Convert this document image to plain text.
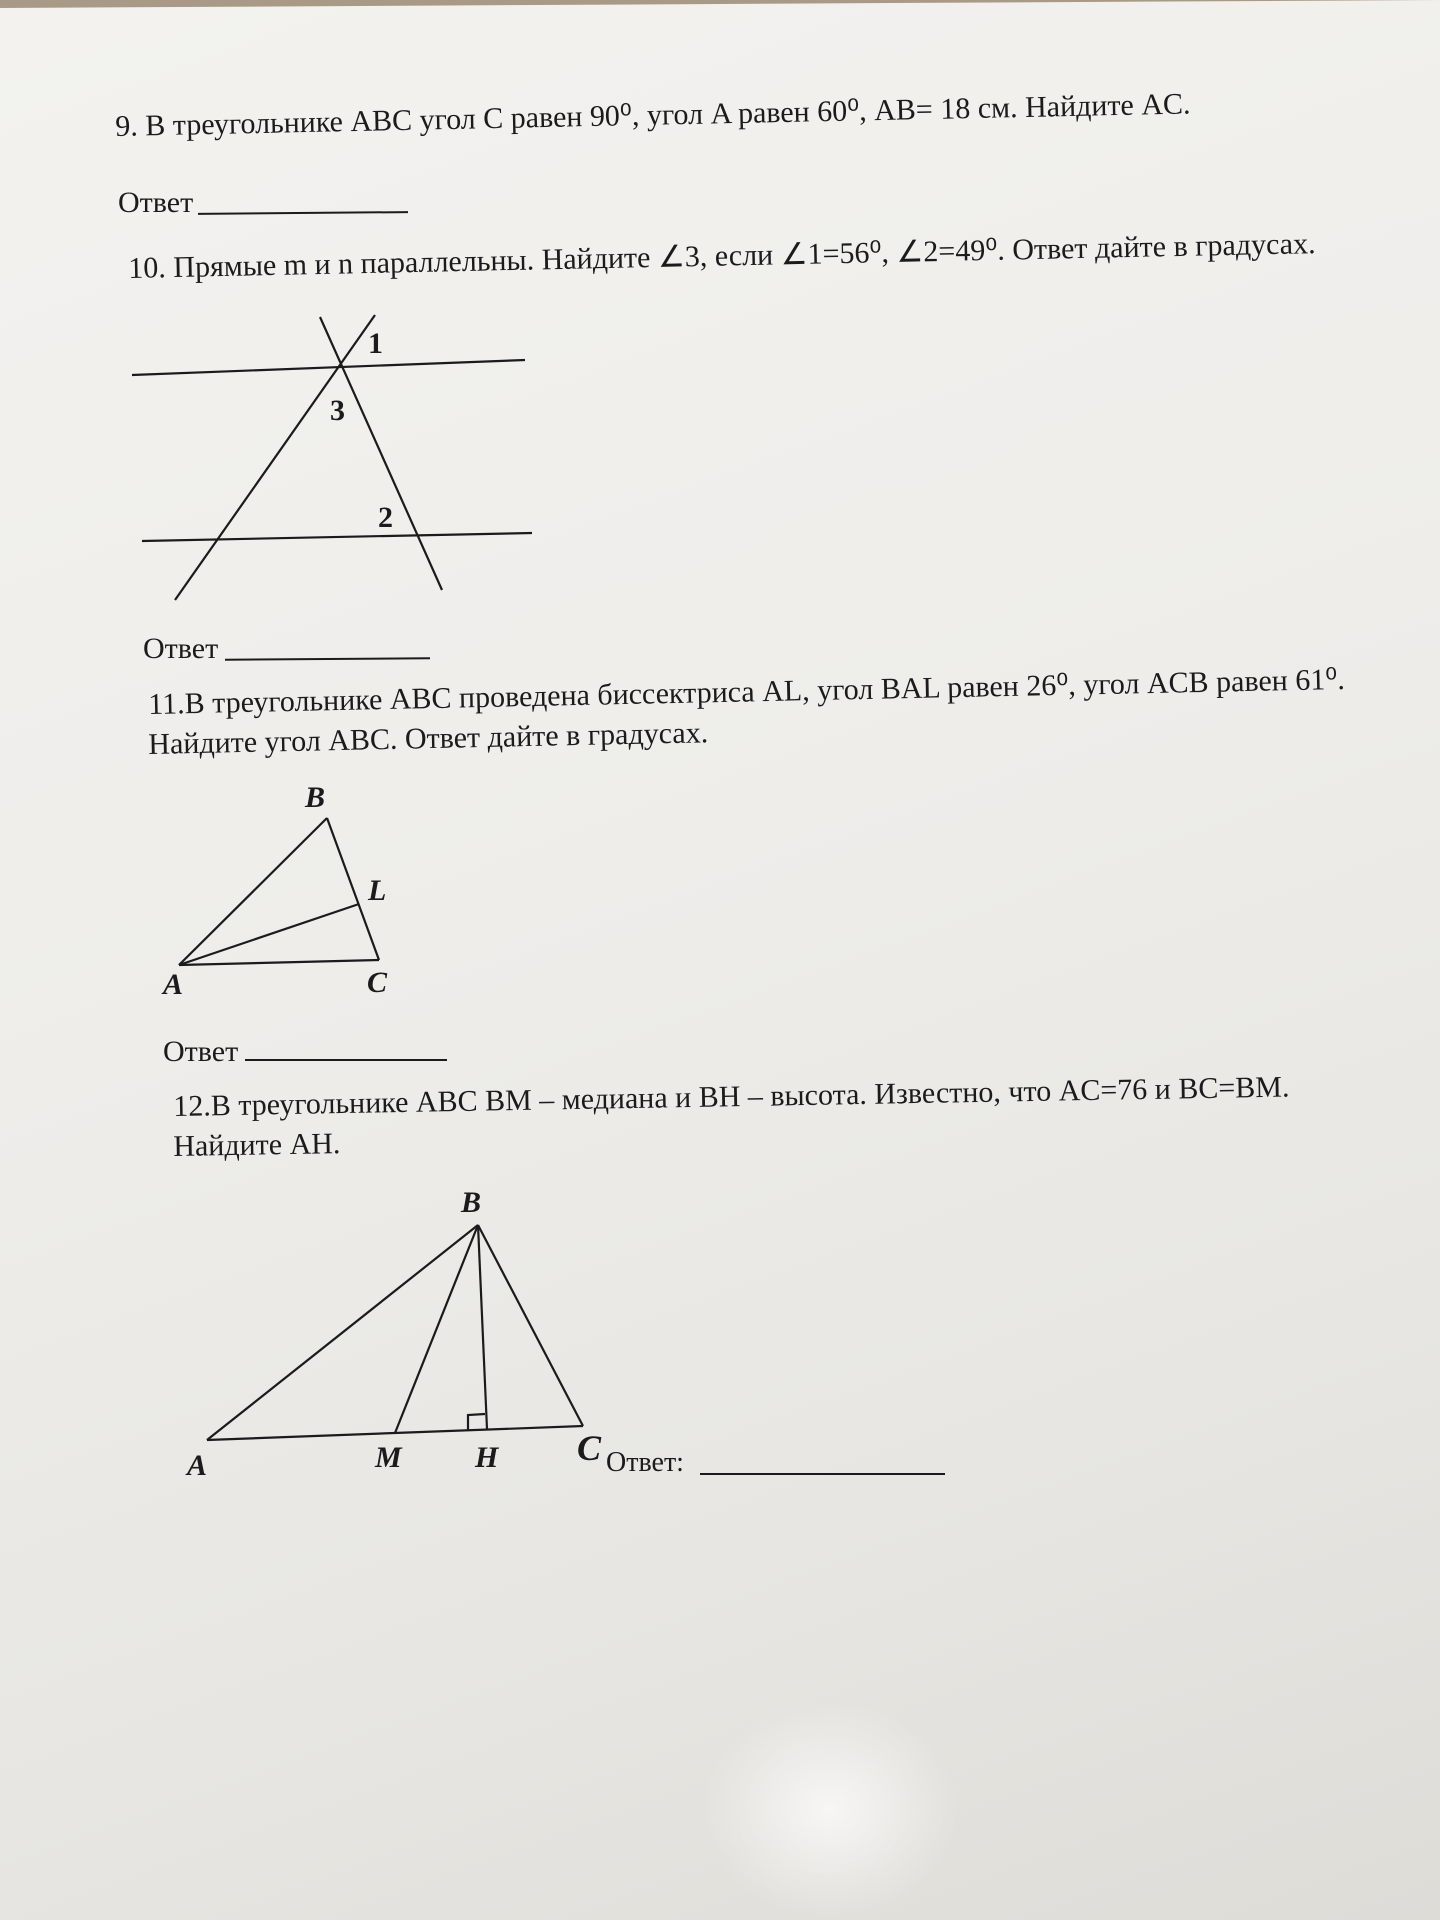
9. В треугольнике ABC угол C равен 90⁰, угол A равен 60⁰, AB= 18 см. Найдите AC.
Ответ
10. Прямые m и n параллельны. Найдите ∠3, если ∠1=56⁰, ∠2=49⁰. Ответ дайте в градусах.
1
3
2
Ответ
11.В треугольнике ABC проведена биссектриса AL, угол BAL равен 26⁰, угол ACB равен 61⁰.
Найдите угол ABC. Ответ дайте в градусах.
B
L
A	C
Ответ
12.В треугольнике ABC BM – медиана и BH – высота. Известно, что AC=76 и BC=BM.
Найдите AH.
B
A	M H C Ответ:
